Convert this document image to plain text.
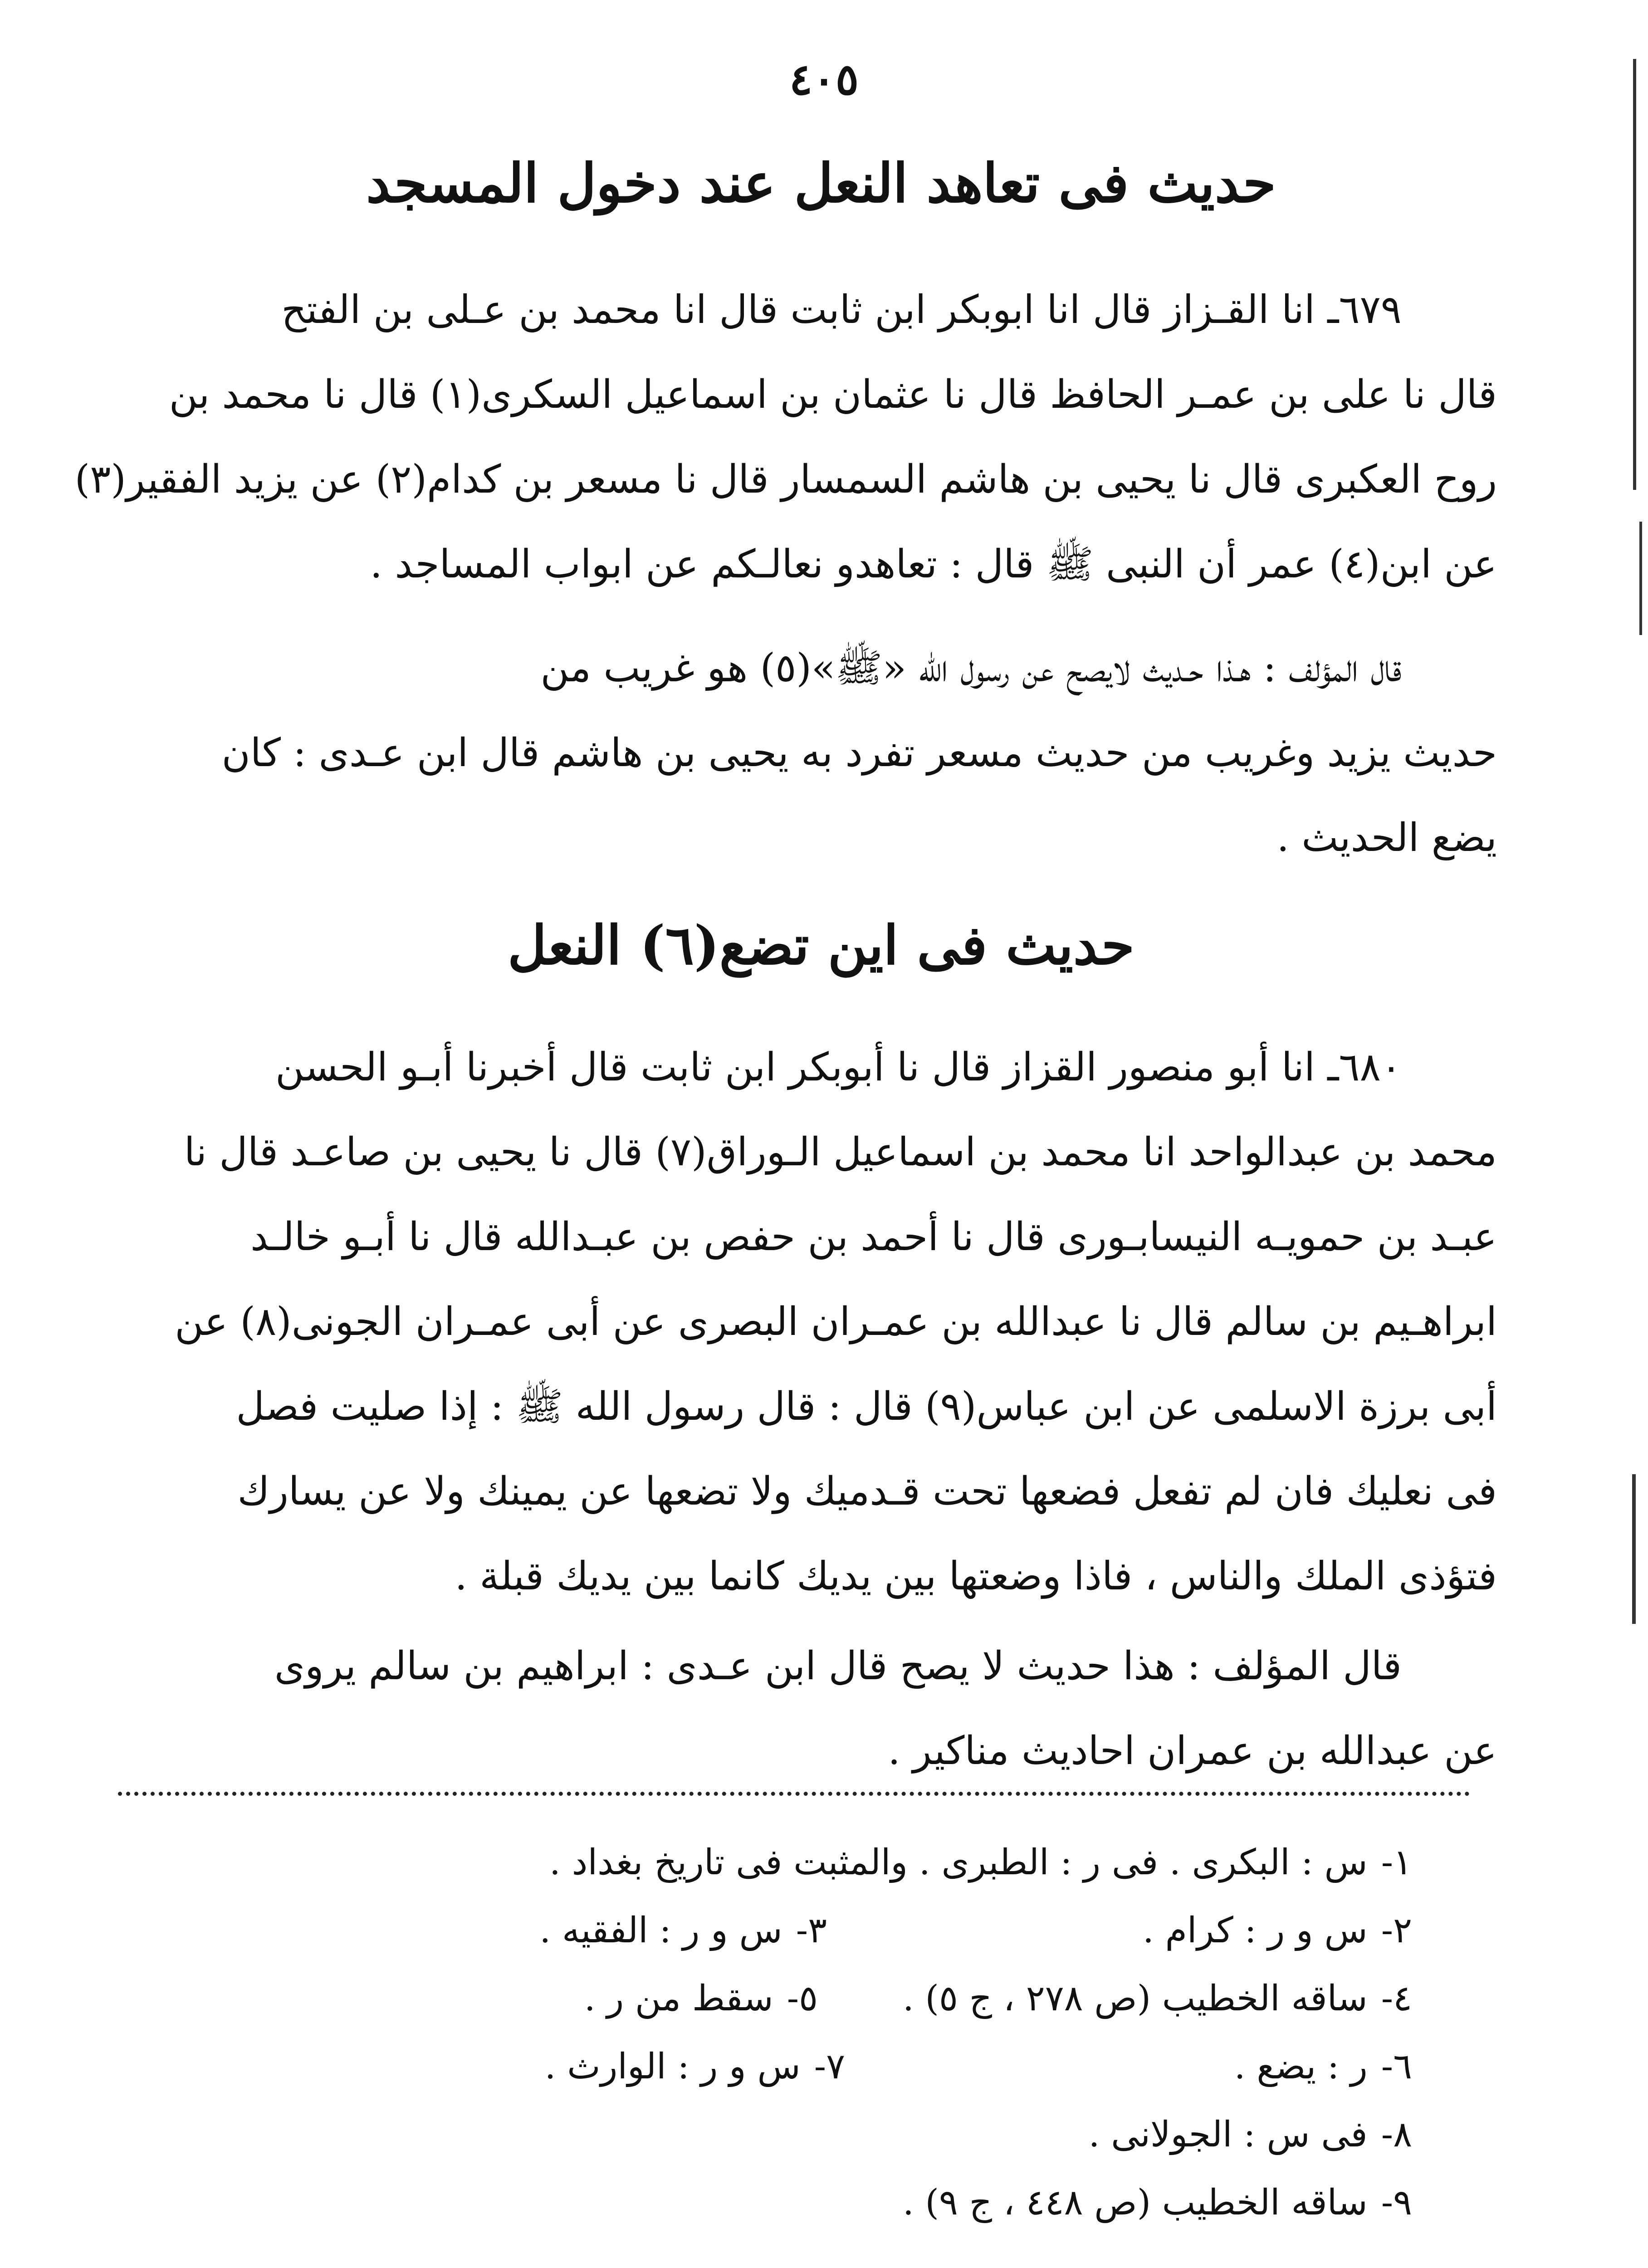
٤٠٥
حديث فى تعاهد النعل عند دخول المسجد
٦٧٩ـ انا القـزاز قال انا ابوبكر ابن ثابت قال انا محمد بن عـلى بن الفتح
قال نا على بن عمـر الحافظ قال نا عثمان بن اسماعيل السكرى(١) قال نا محمد بن
روح العكبرى قال نا يحيى بن هاشم السمسار قال نا مسعر بن كدام(٢) عن يزيد الفقير(٣)
عن ابن(٤) عمر أن النبى ﷺ قال : تعاهدو نعالـكم عن ابواب المساجد .
قال المؤلف : هـذا حـديث لايصح عن رسول الله «ﷺ»(٥) هو غريب من
حديث يزيد وغريب من حديث مسعر تفرد به يحيى بن هاشم قال ابن عـدى : كان
يضع الحديث .
حديث فى اين تضع(٦) النعل
٦٨٠ـ انا أبو منصور القزاز قال نا أبوبكر ابن ثابت قال أخبرنا أبـو الحسن
محمد بن عبدالواحد انا محمد بن اسماعيل الـوراق(٧) قال نا يحيى بن صاعـد قال نا
عبـد بن حمويـه النيسابـورى قال نا أحمد بن حفص بن عبـدالله قال نا أبـو خالـد
ابراهـيم بن سالم قال نا عبدالله بن عمـران البصرى عن أبى عمـران الجونى(٨) عن
أبى برزة الاسلمى عن ابن عباس(٩) قال : قال رسول الله ﷺ : إذا صليت فصل
فى نعليك فان لم تفعل فضعها تحت قـدميك ولا تضعها عن يمينك ولا عن يسارك
فتؤذى الملك والناس ، فاذا وضعتها بين يديك كانما بين يديك قبلة .
قال المؤلف : هذا حديث لا يصح قال ابن عـدى : ابراهيم بن سالم يروى
عن عبدالله بن عمران احاديث مناكير .
١-س : البكرى . فى ر : الطبرى . والمثبت فى تاريخ بغداد .
٢-س و ر : كرام .
٣-س و ر : الفقيه .
٤-ساقه الخطيب (ص ٢٧٨ ، ج ٥) .
٥-سقط من ر .
٦-ر : يضع .
٧-س و ر : الوارث .
٨-فى س : الجولانى .
٩-ساقه الخطيب (ص ٤٤٨ ، ج ٩) .
